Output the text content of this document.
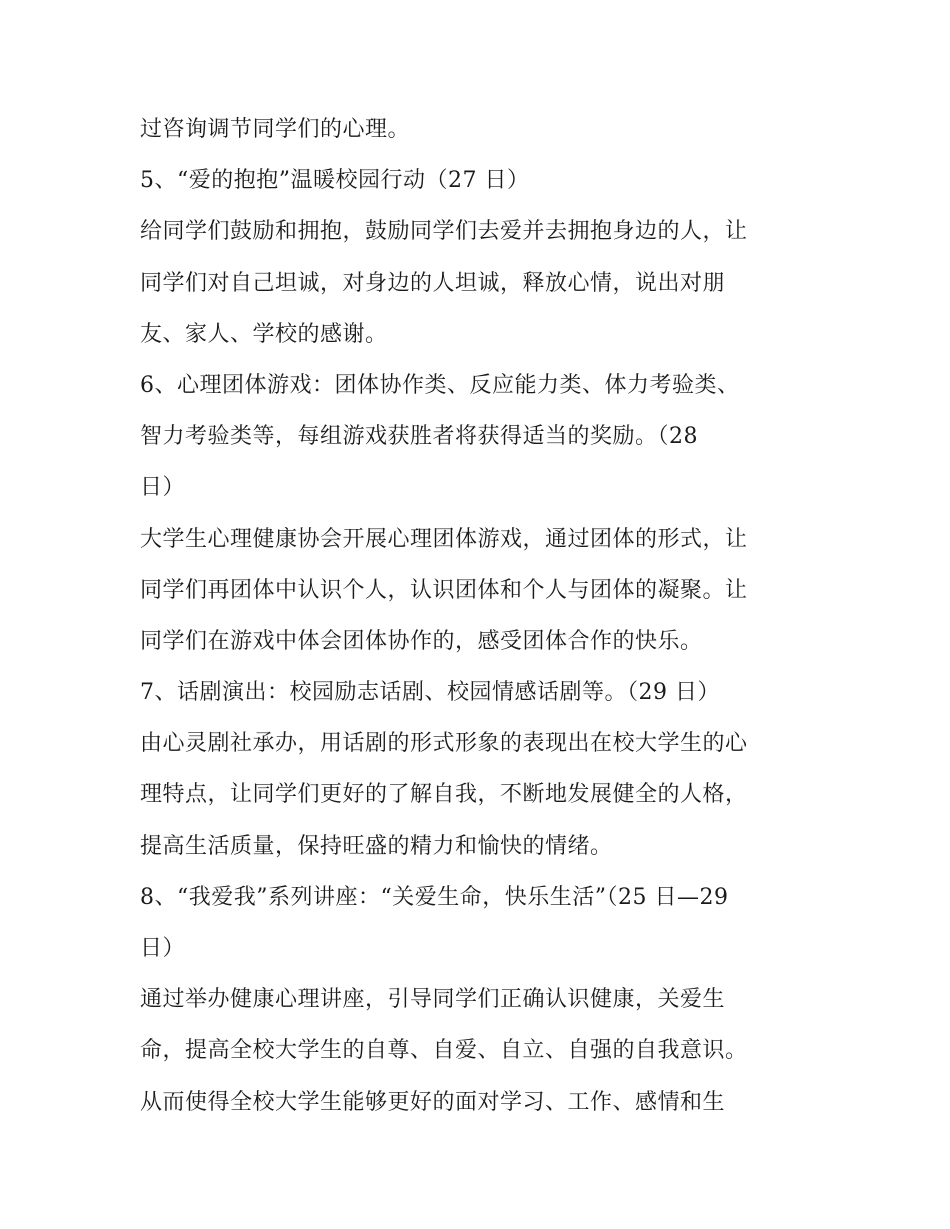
过咨询调节同学们的心理。
5、“爱的抱抱”温暖校园行动（27 日）
给同学们鼓励和拥抱，鼓励同学们去爱并去拥抱身边的人，让
同学们对自己坦诚，对身边的人坦诚，释放心情，说出对朋
友、家人、学校的感谢。
6、心理团体游戏：团体协作类、反应能力类、体力考验类、
智力考验类等，每组游戏获胜者将获得适当的奖励。（28
日）
大学生心理健康协会开展心理团体游戏，通过团体的形式，让
同学们再团体中认识个人，认识团体和个人与团体的凝聚。让
同学们在游戏中体会团体协作的，感受团体合作的快乐。
7、话剧演出：校园励志话剧、校园情感话剧等。（29 日）
由心灵剧社承办，用话剧的形式形象的表现出在校大学生的心
理特点，让同学们更好的了解自我，不断地发展健全的人格，
提高生活质量，保持旺盛的精力和愉快的情绪。
8、“我爱我”系列讲座：“关爱生命，快乐生活”（25 日—29
日）
通过举办健康心理讲座，引导同学们正确认识健康，关爱生
命，提高全校大学生的自尊、自爱、自立、自强的自我意识。
从而使得全校大学生能够更好的面对学习、工作、感情和生
